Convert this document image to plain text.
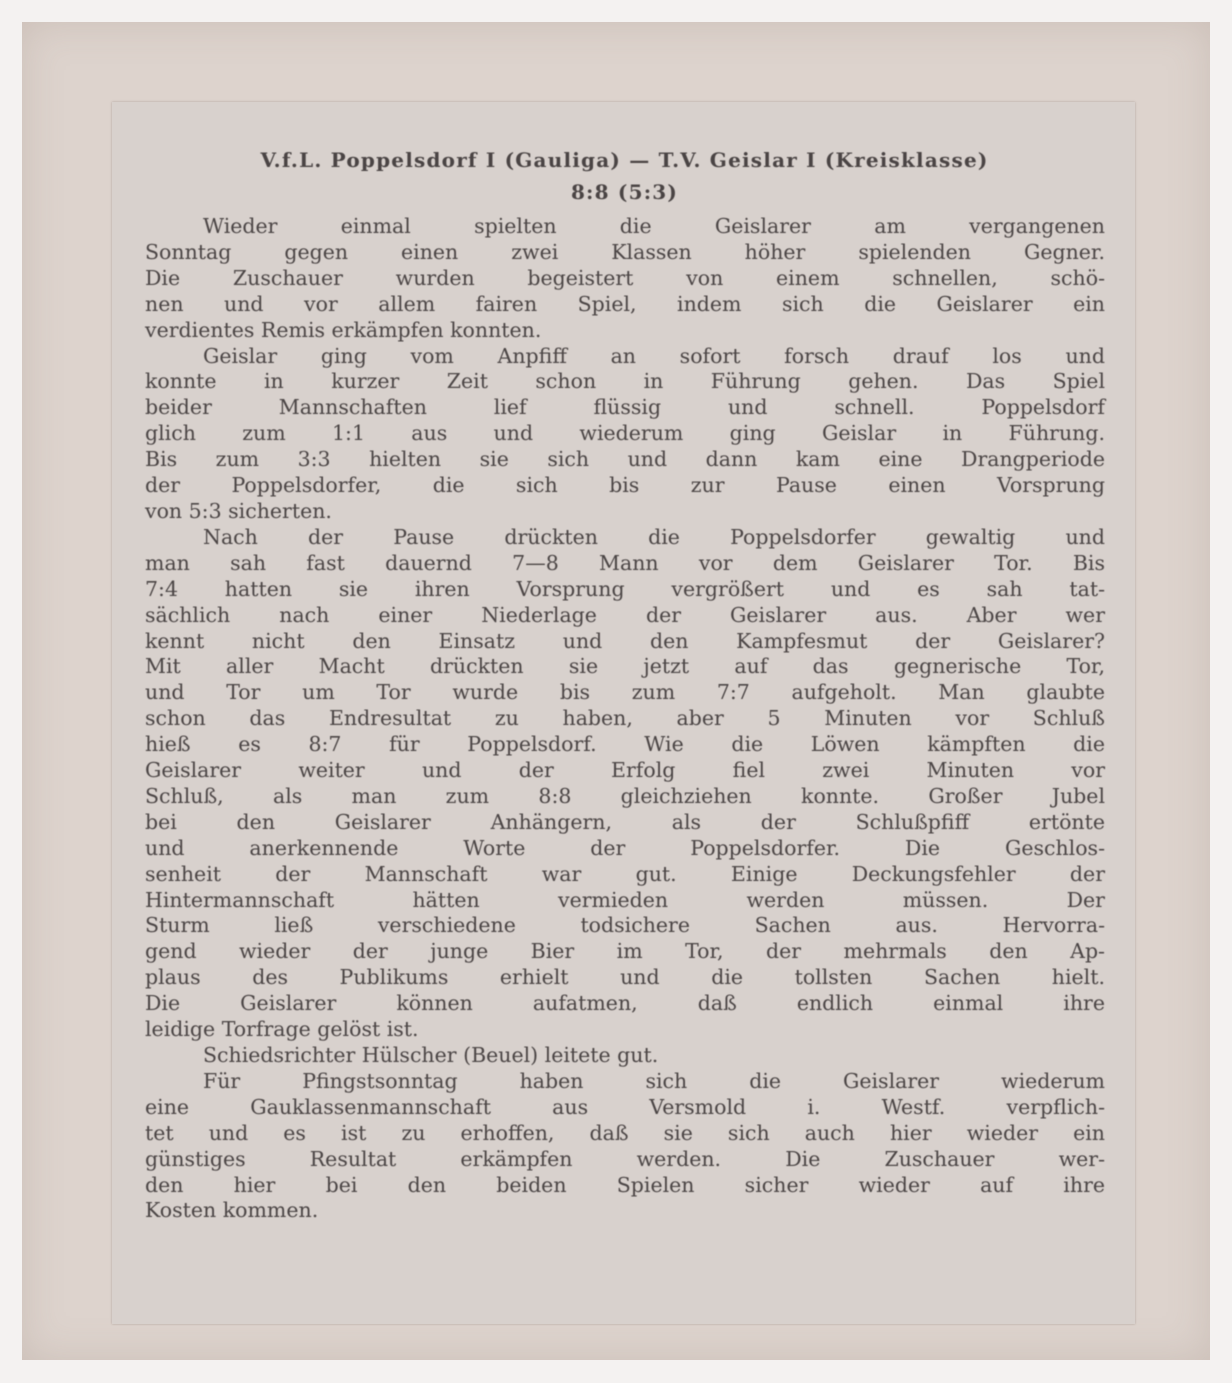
V.f.L. Poppelsdorf I (Gauliga) — T.V. Geislar I (Kreisklasse)
8:8 (5:3)
Wieder einmal spielten die Geislarer am vergangenen
Sonntag gegen einen zwei Klassen höher spielenden Gegner.
Die Zuschauer wurden begeistert von einem schnellen, schö-
nen und vor allem fairen Spiel, indem sich die Geislarer ein
verdientes Remis erkämpfen konnten.
Geislar ging vom Anpfiff an sofort forsch drauf los und
konnte in kurzer Zeit schon in Führung gehen. Das Spiel
beider Mannschaften lief flüssig und schnell. Poppelsdorf
glich zum 1:1 aus und wiederum ging Geislar in Führung.
Bis zum 3:3 hielten sie sich und dann kam eine Drangperiode
der Poppelsdorfer, die sich bis zur Pause einen Vorsprung
von 5:3 sicherten.
Nach der Pause drückten die Poppelsdorfer gewaltig und
man sah fast dauernd 7—8 Mann vor dem Geislarer Tor. Bis
7:4 hatten sie ihren Vorsprung vergrößert und es sah tat-
sächlich nach einer Niederlage der Geislarer aus. Aber wer
kennt nicht den Einsatz und den Kampfesmut der Geislarer?
Mit aller Macht drückten sie jetzt auf das gegnerische Tor,
und Tor um Tor wurde bis zum 7:7 aufgeholt. Man glaubte
schon das Endresultat zu haben, aber 5 Minuten vor Schluß
hieß es 8:7 für Poppelsdorf. Wie die Löwen kämpften die
Geislarer weiter und der Erfolg fiel zwei Minuten vor
Schluß, als man zum 8:8 gleichziehen konnte. Großer Jubel
bei den Geislarer Anhängern, als der Schlußpfiff ertönte
und anerkennende Worte der Poppelsdorfer. Die Geschlos-
senheit der Mannschaft war gut. Einige Deckungsfehler der
Hintermannschaft hätten vermieden werden müssen. Der
Sturm ließ verschiedene todsichere Sachen aus. Hervorra-
gend wieder der junge Bier im Tor, der mehrmals den Ap-
plaus des Publikums erhielt und die tollsten Sachen hielt.
Die Geislarer können aufatmen, daß endlich einmal ihre
leidige Torfrage gelöst ist.
Schiedsrichter Hülscher (Beuel) leitete gut.
Für Pfingstsonntag haben sich die Geislarer wiederum
eine Gauklassenmannschaft aus Versmold i. Westf. verpflich-
tet und es ist zu erhoffen, daß sie sich auch hier wieder ein
günstiges Resultat erkämpfen werden. Die Zuschauer wer-
den hier bei den beiden Spielen sicher wieder auf ihre
Kosten kommen.
